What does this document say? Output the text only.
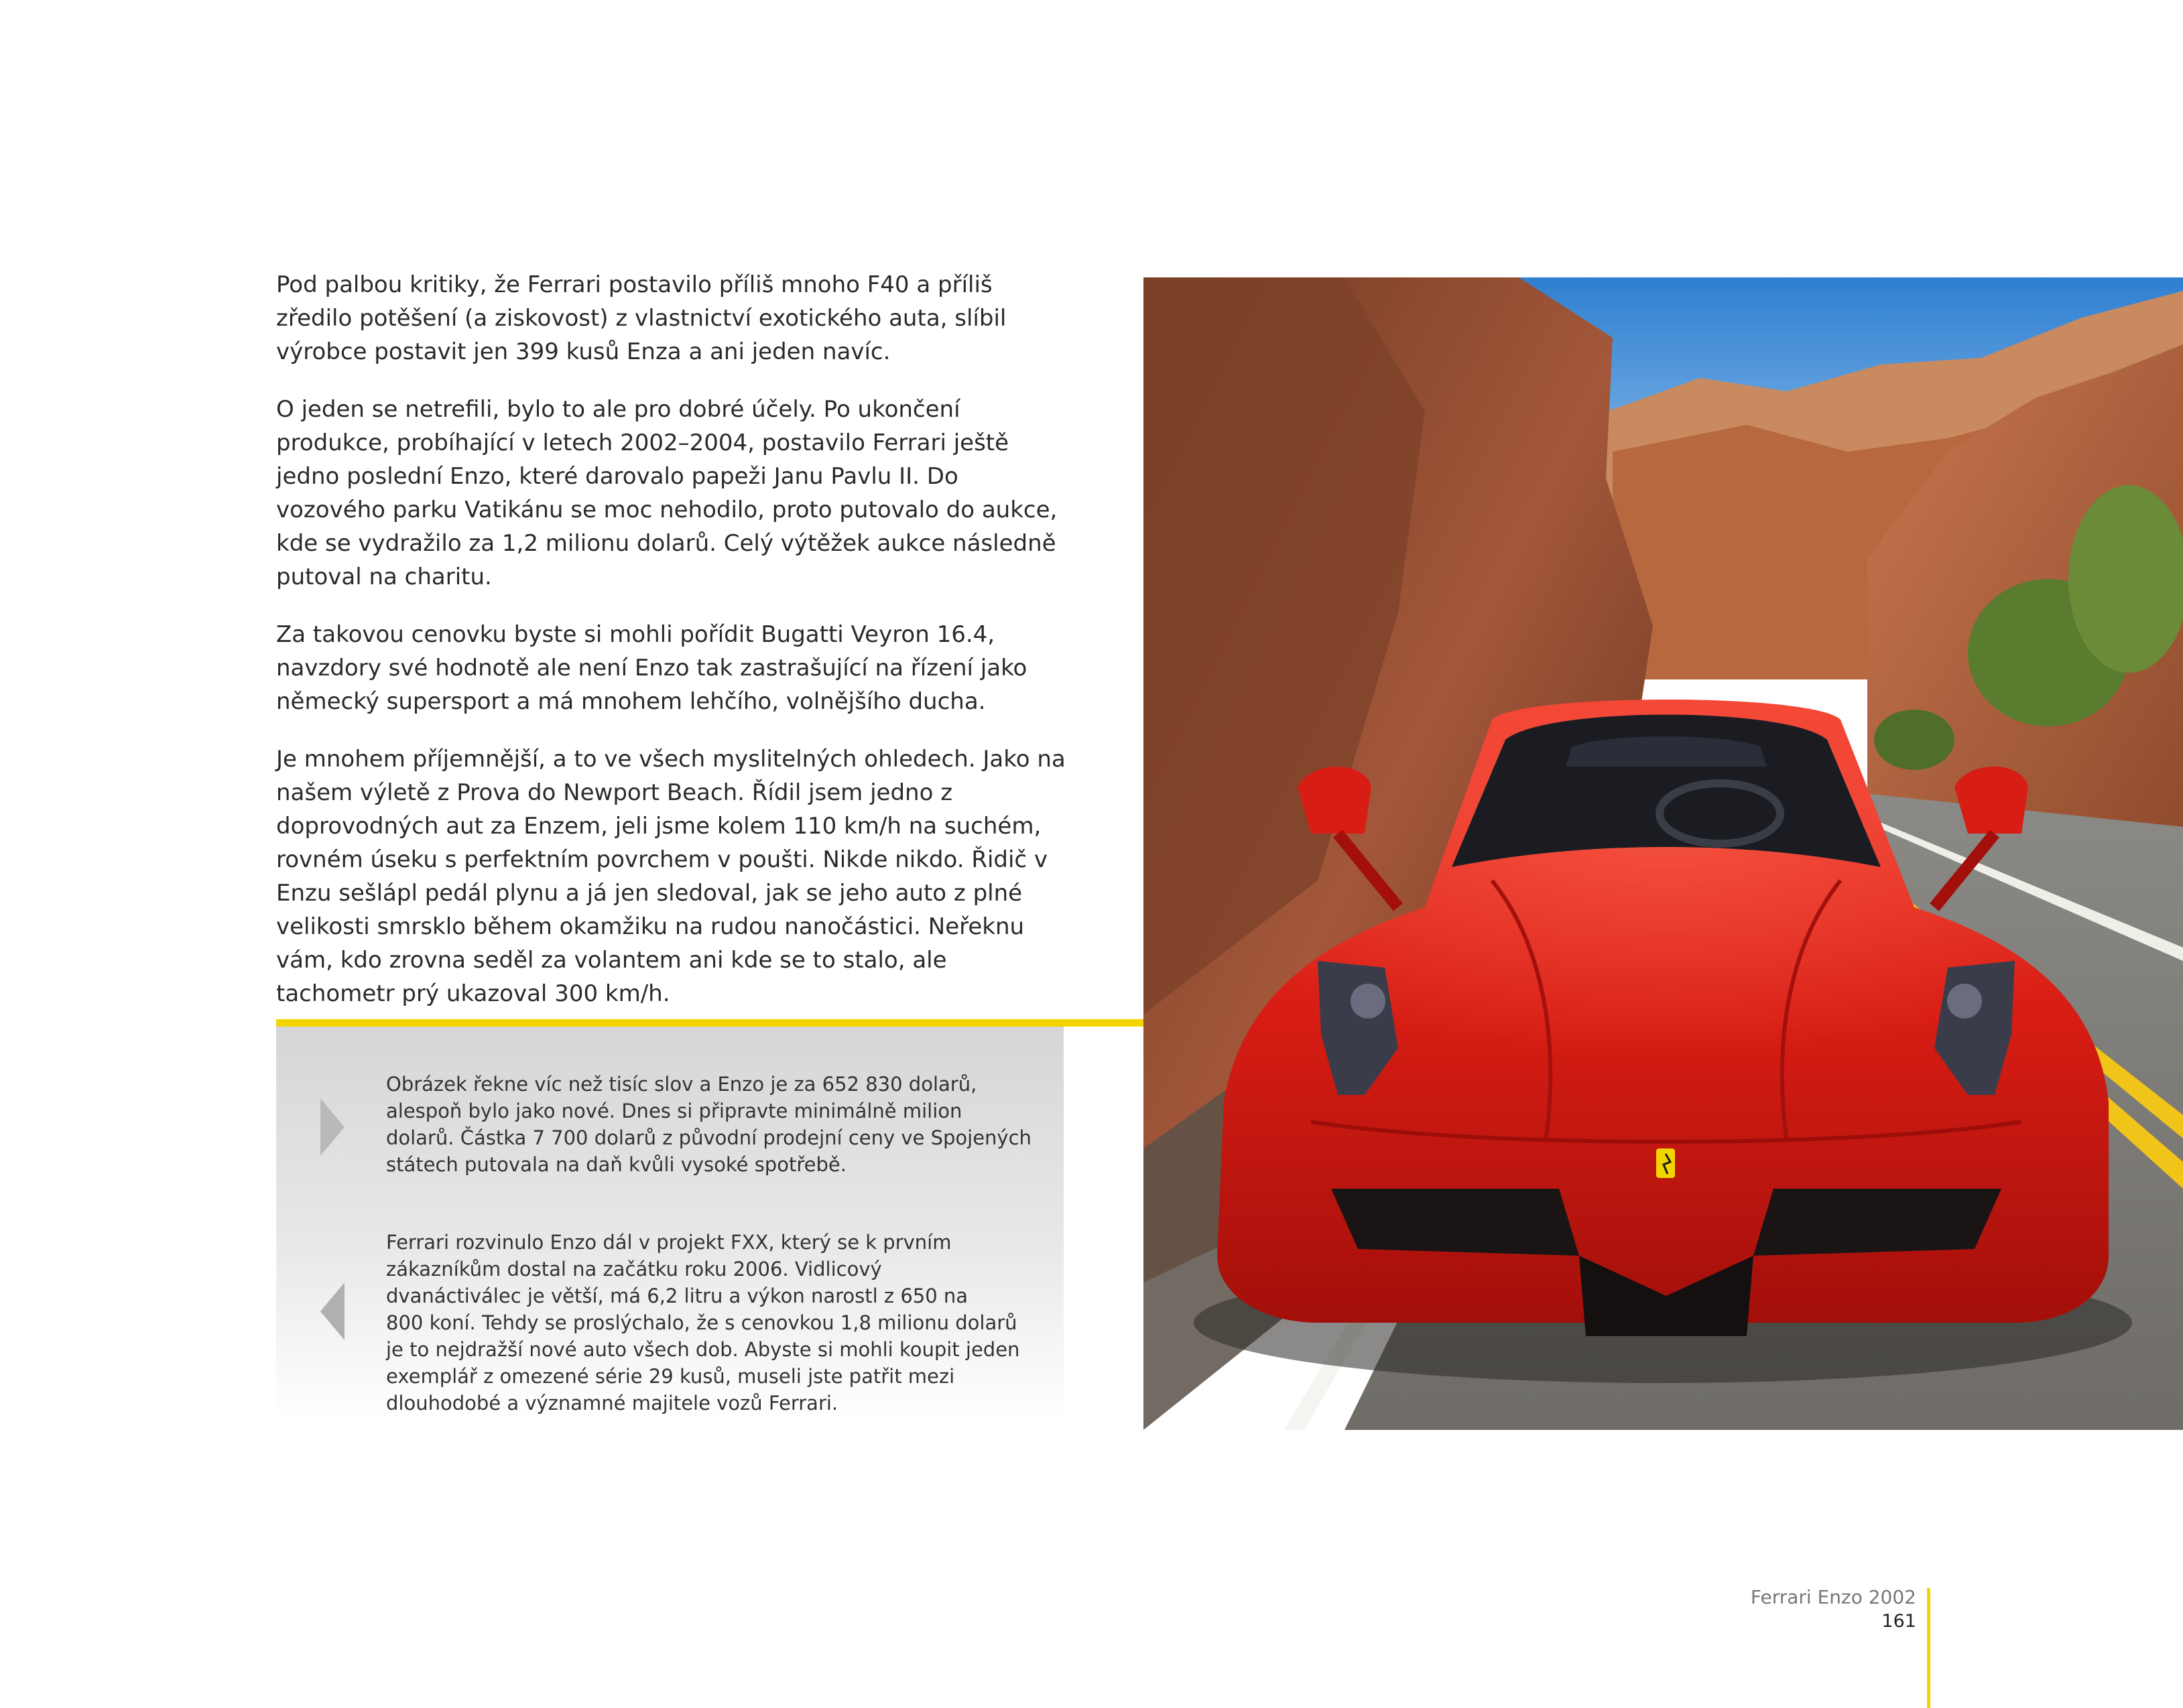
Pod palbou kritiky, že Ferrari postavilo příliš mnoho F40 a příliš zředilo potěšení (a ziskovost) z vlastnictví exotického auta, slíbil výrobce postavit jen 399 kusů Enza a ani jeden navíc.

O jeden se netrefili, bylo to ale pro dobré účely. Po ukončení produkce, probíhající v letech 2002–2004, postavilo Ferrari ještě jedno poslední Enzo, které darovalo papeži Janu Pavlu II. Do vozového parku Vatikánu se moc nehodilo, proto putovalo do aukce, kde se vydražilo za 1,2 milionu dolarů. Celý výtěžek aukce následně putoval na charitu.

Za takovou cenovku byste si mohli pořídit Bugatti Veyron 16.4, navzdory své hodnotě ale není Enzo tak zastrašující na řízení jako německý supersport a má mnohem lehčího, volnějšího ducha.

Je mnohem příjemnější, a to ve všech myslitelných ohledech. Jako na našem výletě z Prova do Newport Beach. Řídil jsem jedno z doprovodných aut za Enzem, jeli jsme kolem 110 km/h na suchém, rovném úseku s perfektním povrchem v poušti. Nikde nikdo. Řidič v Enzu sešlápl pedál plynu a já jen sledoval, jak se jeho auto z plné velikosti smrsklo během okamžiku na rudou nanočástici. Neřeknu vám, kdo zrovna seděl za volantem ani kde se to stalo, ale tachometr prý ukazoval 300 km/h.

Obrázek řekne víc než tisíc slov a Enzo je za 652 830 dolarů,

alespoň bylo jako nové. Dnes si připravte minimálně milion

dolarů. Částka 7 700 dolarů z původní prodejní ceny ve Spojených

státech putovala na daň kvůli vysoké spotřebě.

Ferrari rozvinulo Enzo dál v projekt FXX, který se k prvním

zákazníkům dostal na začátku roku 2006. Vidlicový

dvanáctiválec je větší, má 6,2 litru a výkon narostl z 650 na

800 koní. Tehdy se proslýchalo, že s cenovkou 1,8 milionu dolarů

je to nejdražší nové auto všech dob. Abyste si mohli koupit jeden

exemplář z omezené série 29 kusů, museli jste patřit mezi

dlouhodobé a významné majitele vozů Ferrari.

Ferrari Enzo 2002
161
